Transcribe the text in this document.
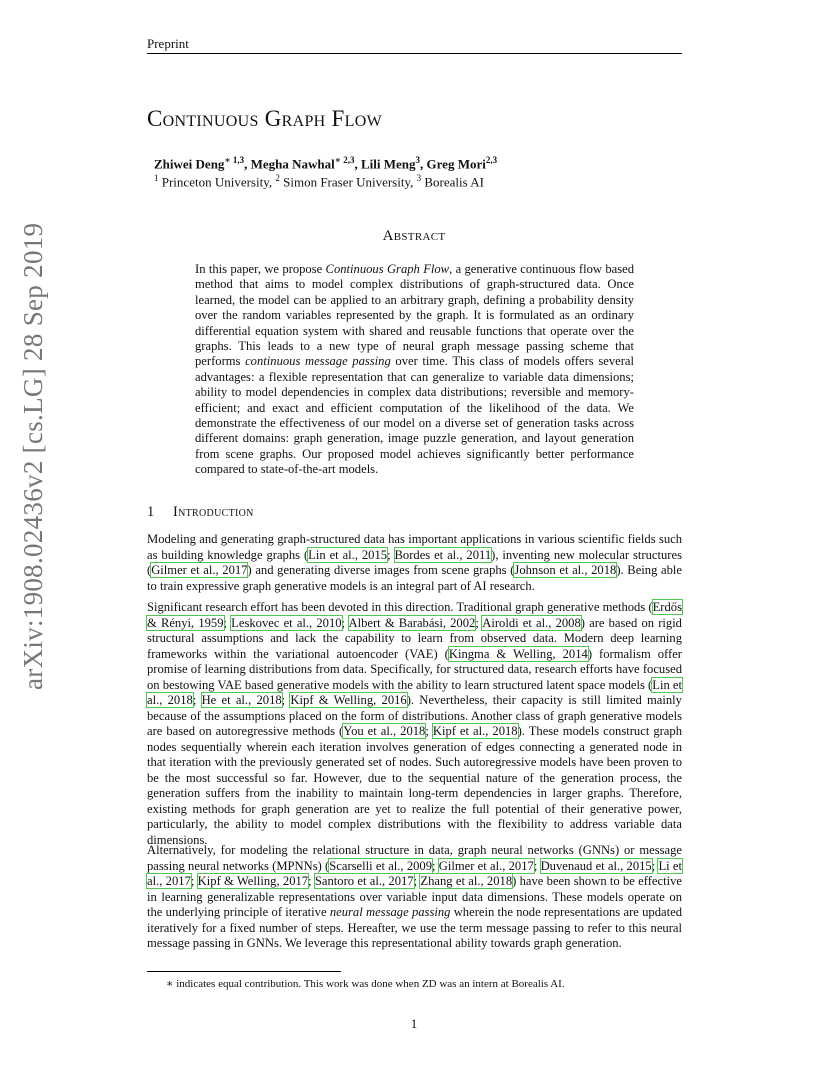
Preprint
arXiv:1908.02436v2 [cs.LG] 28 Sep 2019
Continuous Graph Flow
Zhiwei Deng$^{∗ 1,3}$, Megha Nawhal$^{∗ 2,3}$, Lili Meng$^3$, Greg Mori$^{2,3}$
$^1$ Princeton University, $^2$ Simon Fraser University, $^3$ Borealis AI
Abstract
In this paper, we propose Continuous Graph Flow, a generative continuous flow based method that aims to model complex distributions of graph-structured data. Once learned, the model can be applied to an arbitrary graph, defining a probability density over the random variables represented by the graph. It is formulated as an ordinary differential equation system with shared and reusable functions that operate over the graphs. This leads to a new type of neural graph message passing scheme that performs continuous message passing over time. This class of models offers several advantages: a flexible representation that can generalize to variable data dimensions; ability to model dependencies in complex data distributions; reversible and memory-efficient; and exact and efficient computation of the likelihood of the data. We demonstrate the effectiveness of our model on a diverse set of generation tasks across different domains: graph generation, image puzzle generation, and layout generation from scene graphs. Our proposed model achieves significantly better performance compared to state-of-the-art models.
1 Introduction

Modeling and generating graph-structured data has important applications in various scientific fields such as building knowledge graphs (Lin et al., 2015; Bordes et al., 2011), inventing new molecular structures (Gilmer et al., 2017) and generating diverse images from scene graphs (Johnson et al., 2018). Being able to train expressive graph generative models is an integral part of AI research.

Significant research effort has been devoted in this direction. Traditional graph generative methods (Erdős & Rényi, 1959; Leskovec et al., 2010; Albert & Barabási, 2002; Airoldi et al., 2008) are based on rigid structural assumptions and lack the capability to learn from observed data. Modern deep learning frameworks within the variational autoencoder (VAE) (Kingma & Welling, 2014) formalism offer promise of learning distributions from data. Specifically, for structured data, research efforts have focused on bestowing VAE based generative models with the ability to learn structured latent space models (Lin et al., 2018; He et al., 2018; Kipf & Welling, 2016). Nevertheless, their capacity is still limited mainly because of the assumptions placed on the form of distributions. Another class of graph generative models are based on autoregressive methods (You et al., 2018; Kipf et al., 2018). These models construct graph nodes sequentially wherein each iteration involves generation of edges connecting a generated node in that iteration with the previously generated set of nodes. Such autoregressive models have been proven to be the most successful so far. However, due to the sequential nature of the generation process, the generation suffers from the inability to maintain long-term dependencies in larger graphs. Therefore, existing methods for graph generation are yet to realize the full potential of their generative power, particularly, the ability to model complex distributions with the flexibility to address variable data dimensions.

Alternatively, for modeling the relational structure in data, graph neural networks (GNNs) or message passing neural networks (MPNNs) (Scarselli et al., 2009; Gilmer et al., 2017; Duvenaud et al., 2015; Li et al., 2017; Kipf & Welling, 2017; Santoro et al., 2017; Zhang et al., 2018) have been shown to be effective in learning generalizable representations over variable input data dimensions. These models operate on the underlying principle of iterative neural message passing wherein the node representations are updated iteratively for a fixed number of steps. Hereafter, we use the term message passing to refer to this neural message passing in GNNs. We leverage this representational ability towards graph generation.

∗ indicates equal contribution. This work was done when ZD was an intern at Borealis AI.
1
